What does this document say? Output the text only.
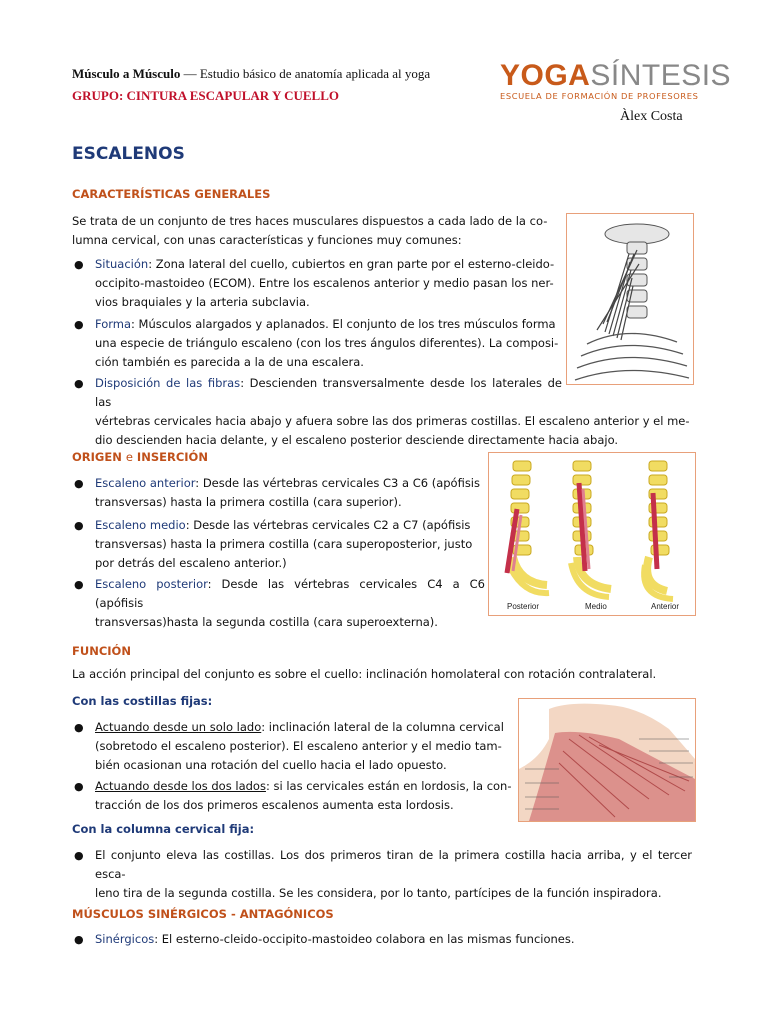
Músculo a Músculo — Estudio básico de anatomía aplicada al yoga
GRUPO: CINTURA ESCAPULAR Y CUELLO
YOGASÍNTESIS
ESCUELA DE FORMACIÓN DE PROFESORES
Àlex Costa
ESCALENOS
CARACTERÍSTICAS GENERALES
Se trata de un conjunto de tres haces musculares dispuestos a cada lado de la co-
lumna cervical, con unas características y funciones muy comunes:
● Situación: Zona lateral del cuello, cubiertos en gran parte por el esterno-cleido-
occipito-mastoideo (ECOM). Entre los escalenos anterior y medio pasan los ner-
vios braquiales y la arteria subclavia.
● Forma: Músculos alargados y aplanados. El conjunto de los tres músculos forma
una especie de triángulo escaleno (con los tres ángulos diferentes). La composi-
ción también es parecida a la de una escalera.
● Disposición de las fibras: Descienden transversalmente desde los laterales de las
vértebras cervicales hacia abajo y afuera sobre las dos primeras costillas. El escaleno anterior y el me-
dio descienden hacia delante, y el escaleno posterior desciende directamente hacia abajo.
ORIGEN e INSERCIÓN
● Escaleno anterior: Desde las vértebras cervicales C3 a C6 (apófisis
transversas) hasta la primera costilla (cara superior).
● Escaleno medio: Desde las vértebras cervicales C2 a C7 (apófisis
transversas) hasta la primera costilla (cara superoposterior, justo
por detrás del escaleno anterior.)
● Escaleno posterior: Desde las vértebras cervicales C4 a C6 (apófisis
transversas)hasta la segunda costilla (cara superoexterna).
Posterior	Medio	Anterior
FUNCIÓN
La acción principal del conjunto es sobre el cuello: inclinación homolateral con rotación contralateral.
Con las costillas fijas:
● Actuando desde un solo lado: inclinación lateral de la columna cervical
(sobretodo el escaleno posterior). El escaleno anterior y el medio tam-
bién ocasionan una rotación del cuello hacia el lado opuesto.
● Actuando desde los dos lados: si las cervicales están en lordosis, la con-
tracción de los dos primeros escalenos aumenta esta lordosis.
Con la columna cervical fija:
● El conjunto eleva las costillas. Los dos primeros tiran de la primera costilla hacia arriba, y el tercer esca-
leno tira de la segunda costilla. Se les considera, por lo tanto, partícipes de la función inspiradora.
MÚSCULOS SINÉRGICOS - ANTAGÓNICOS
● Sinérgicos: El esterno-cleido-occipito-mastoideo colabora en las mismas funciones.
